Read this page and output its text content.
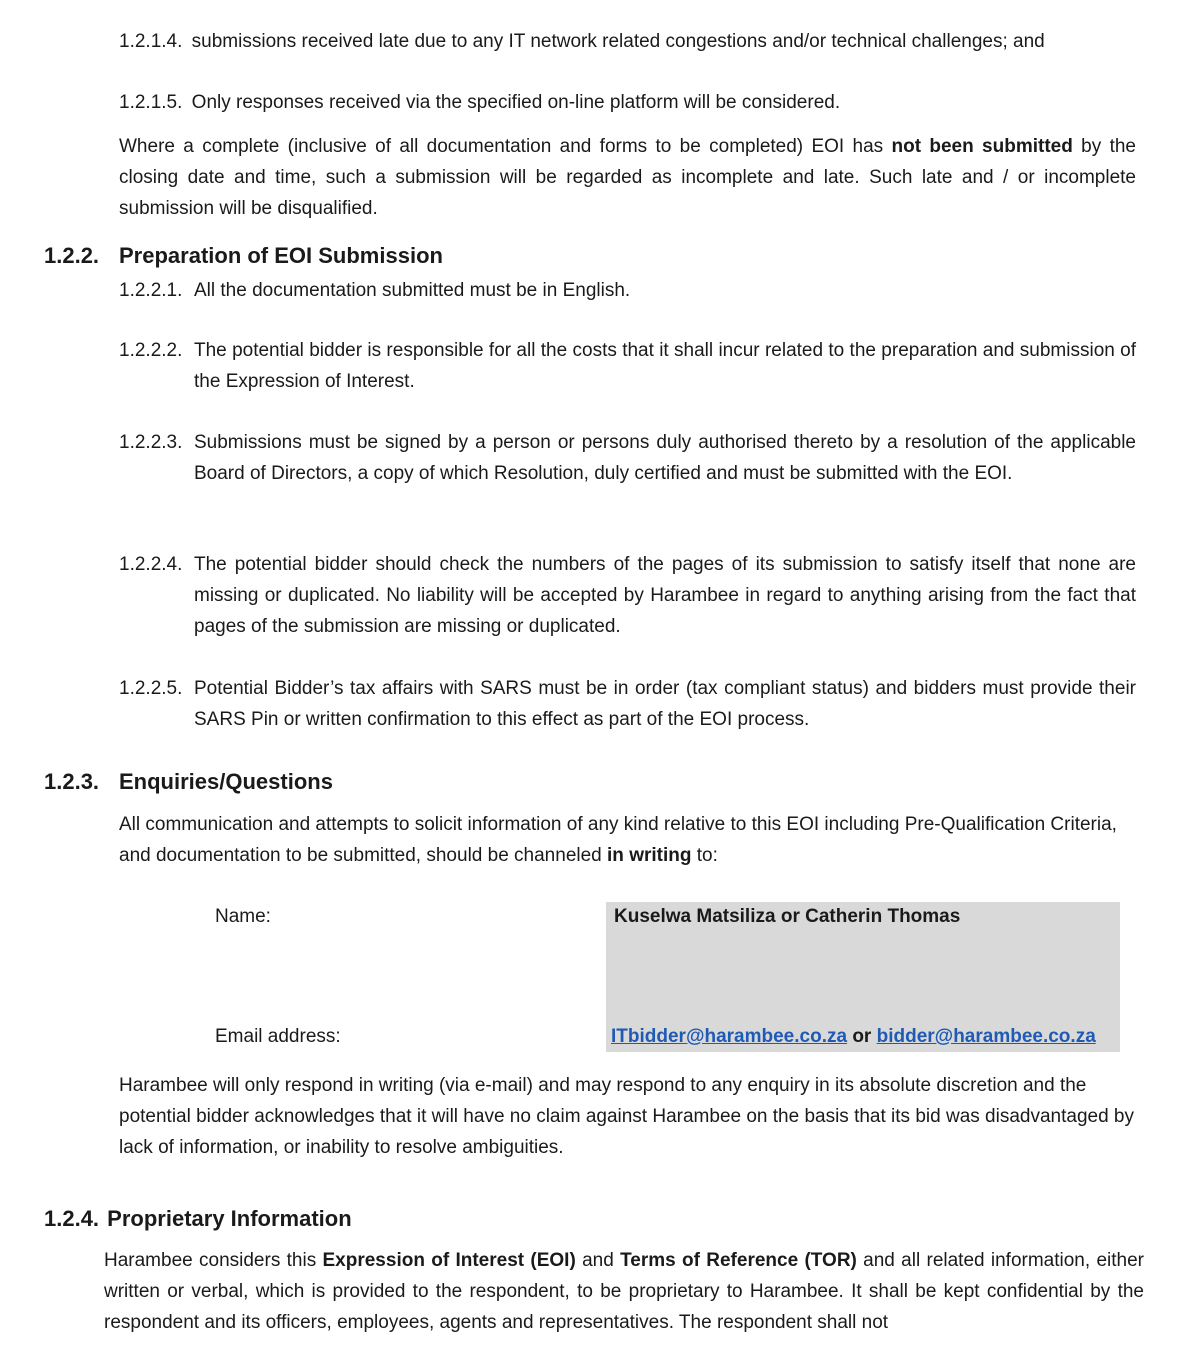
1.2.1.4. submissions received late due to any IT network related congestions and/or technical challenges; and
1.2.1.5. Only responses received via the specified on-line platform will be considered.
Where a complete (inclusive of all documentation and forms to be completed) EOI has not been submitted by the closing date and time, such a submission will be regarded as incomplete and late. Such late and / or incomplete submission will be disqualified.
1.2.2. Preparation of EOI Submission
1.2.2.1. All the documentation submitted must be in English.
1.2.2.2. The potential bidder is responsible for all the costs that it shall incur related to the preparation and submission of the Expression of Interest.
1.2.2.3. Submissions must be signed by a person or persons duly authorised thereto by a resolution of the applicable Board of Directors, a copy of which Resolution, duly certified and must be submitted with the EOI.
1.2.2.4. The potential bidder should check the numbers of the pages of its submission to satisfy itself that none are missing or duplicated. No liability will be accepted by Harambee in regard to anything arising from the fact that pages of the submission are missing or duplicated.
1.2.2.5. Potential Bidder’s tax affairs with SARS must be in order (tax compliant status) and bidders must provide their SARS Pin or written confirmation to this effect as part of the EOI process.
1.2.3. Enquiries/Questions
All communication and attempts to solicit information of any kind relative to this EOI including Pre-Qualification Criteria, and documentation to be submitted, should be channeled in writing to:
Name:	Kuselwa Matsiliza or Catherin Thomas
Email address:	ITbidder@harambee.co.za or bidder@harambee.co.za
Harambee will only respond in writing (via e-mail) and may respond to any enquiry in its absolute discretion and the potential bidder acknowledges that it will have no claim against Harambee on the basis that its bid was disadvantaged by lack of information, or inability to resolve ambiguities.
1.2.4. Proprietary Information
Harambee considers this Expression of Interest (EOI) and Terms of Reference (TOR) and all related information, either written or verbal, which is provided to the respondent, to be proprietary to Harambee. It shall be kept confidential by the respondent and its officers, employees, agents and representatives. The respondent shall not
